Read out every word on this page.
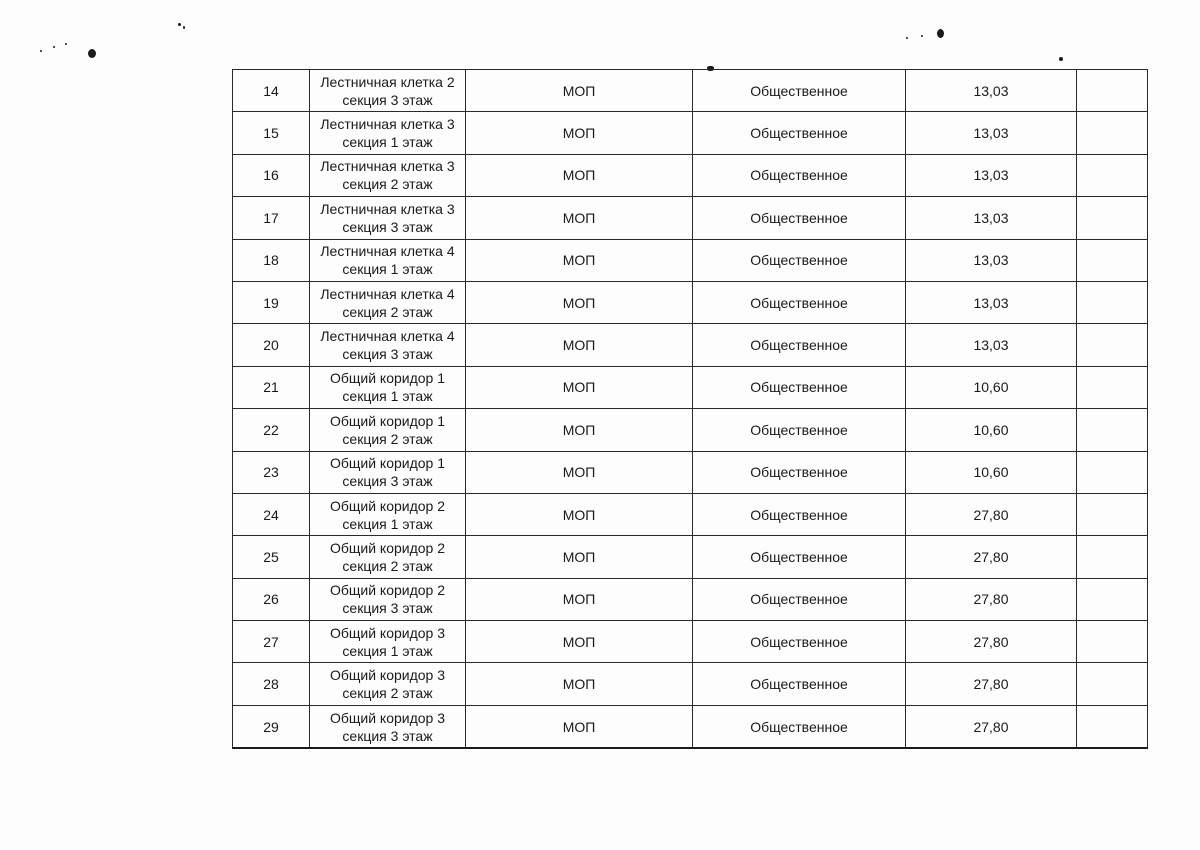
14	Лестничная клетка 2
секция 3 этаж	МОП	Общественное	13,03	
15	Лестничная клетка 3
секция 1 этаж	МОП	Общественное	13,03	
16	Лестничная клетка 3
секция 2 этаж	МОП	Общественное	13,03	
17	Лестничная клетка 3
секция 3 этаж	МОП	Общественное	13,03	
18	Лестничная клетка 4
секция 1 этаж	МОП	Общественное	13,03	
19	Лестничная клетка 4
секция 2 этаж	МОП	Общественное	13,03	
20	Лестничная клетка 4
секция 3 этаж	МОП	Общественное	13,03	
21	Общий коридор 1
секция 1 этаж	МОП	Общественное	10,60	
22	Общий коридор 1
секция 2 этаж	МОП	Общественное	10,60	
23	Общий коридор 1
секция 3 этаж	МОП	Общественное	10,60	
24	Общий коридор 2
секция 1 этаж	МОП	Общественное	27,80	
25	Общий коридор 2
секция 2 этаж	МОП	Общественное	27,80	
26	Общий коридор 2
секция 3 этаж	МОП	Общественное	27,80	
27	Общий коридор 3
секция 1 этаж	МОП	Общественное	27,80	
28	Общий коридор 3
секция 2 этаж	МОП	Общественное	27,80	
29	Общий коридор 3
секция 3 этаж	МОП	Общественное	27,80	
